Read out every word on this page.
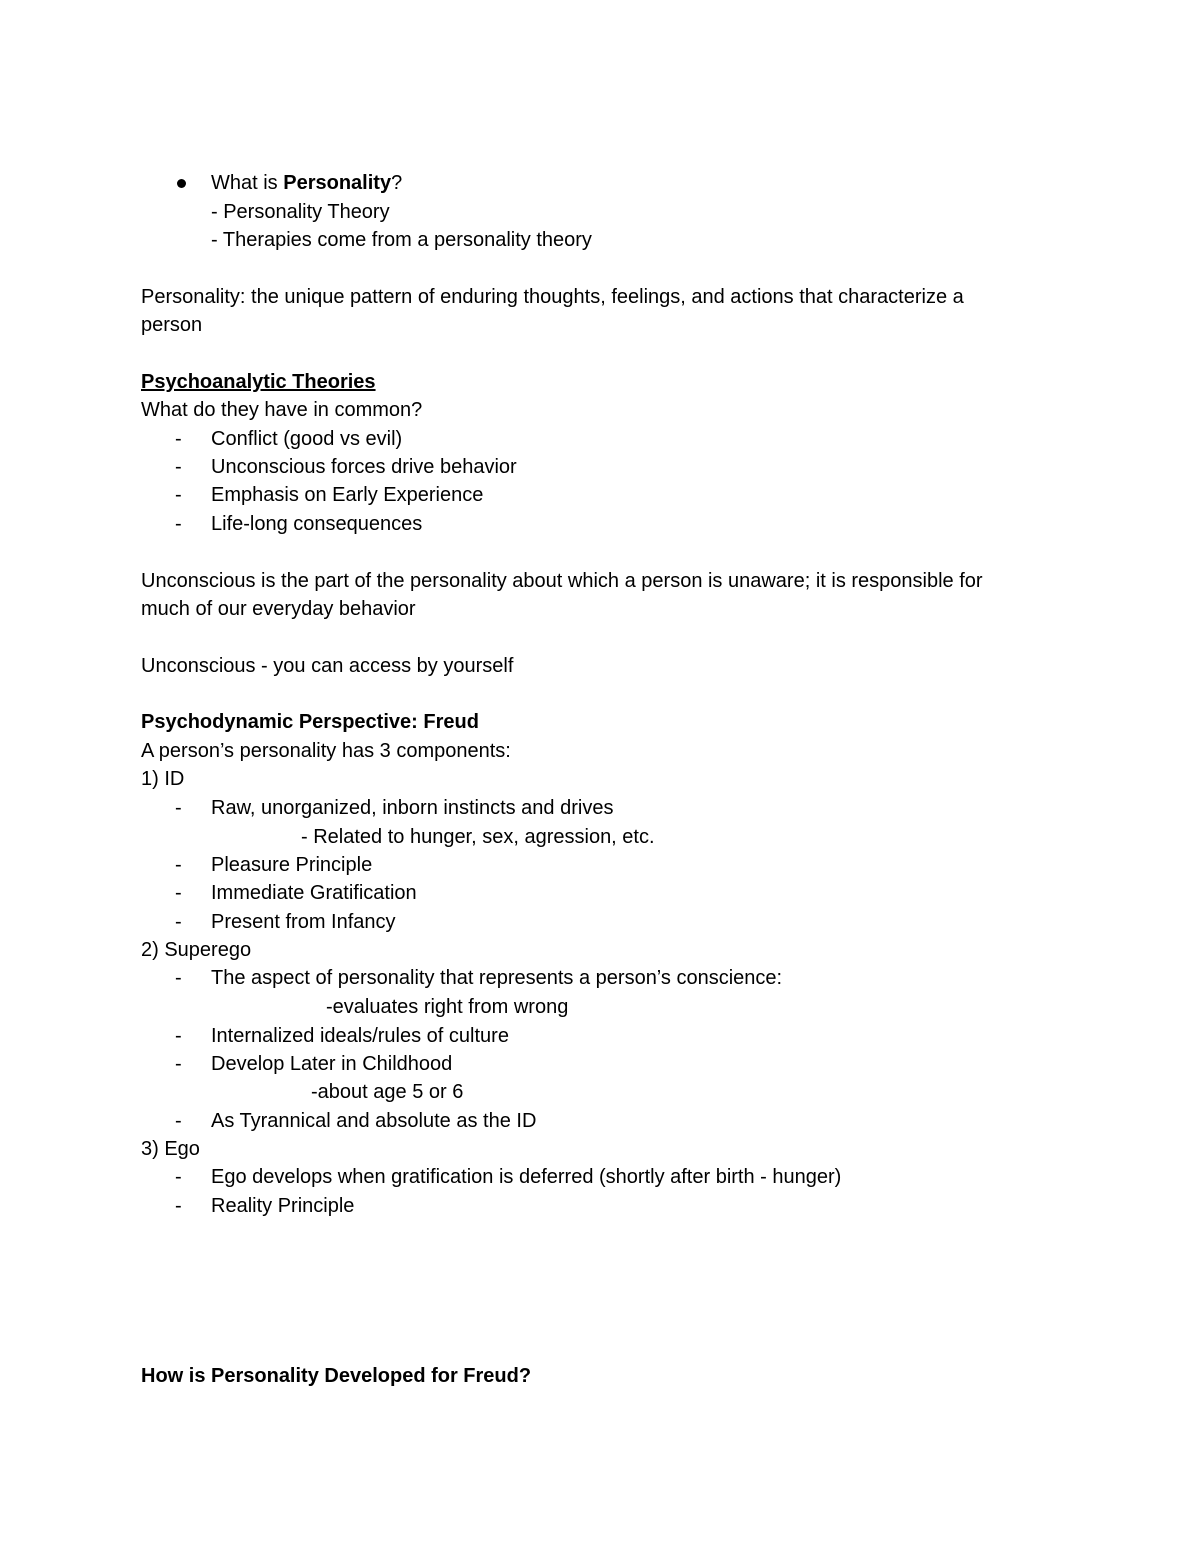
What is Personality?
- Personality Theory
- Therapies come from a personality theory
Personality: the unique pattern of enduring thoughts, feelings, and actions that characterize a
person
Psychoanalytic Theories
What do they have in common?
- Conflict (good vs evil)
- Unconscious forces drive behavior
- Emphasis on Early Experience
- Life-long consequences
Unconscious is the part of the personality about which a person is unaware; it is responsible for
much of our everyday behavior
Unconscious - you can access by yourself
Psychodynamic Perspective: Freud
A person’s personality has 3 components:
1) ID
- Raw, unorganized, inborn instincts and drives
- Related to hunger, sex, agression, etc.
- Pleasure Principle
- Immediate Gratification
- Present from Infancy
2) Superego
- The aspect of personality that represents a person’s conscience:
-evaluates right from wrong
- Internalized ideals/rules of culture
- Develop Later in Childhood
-about age 5 or 6
- As Tyrannical and absolute as the ID
3) Ego
- Ego develops when gratification is deferred (shortly after birth - hunger)
- Reality Principle
How is Personality Developed for Freud?
